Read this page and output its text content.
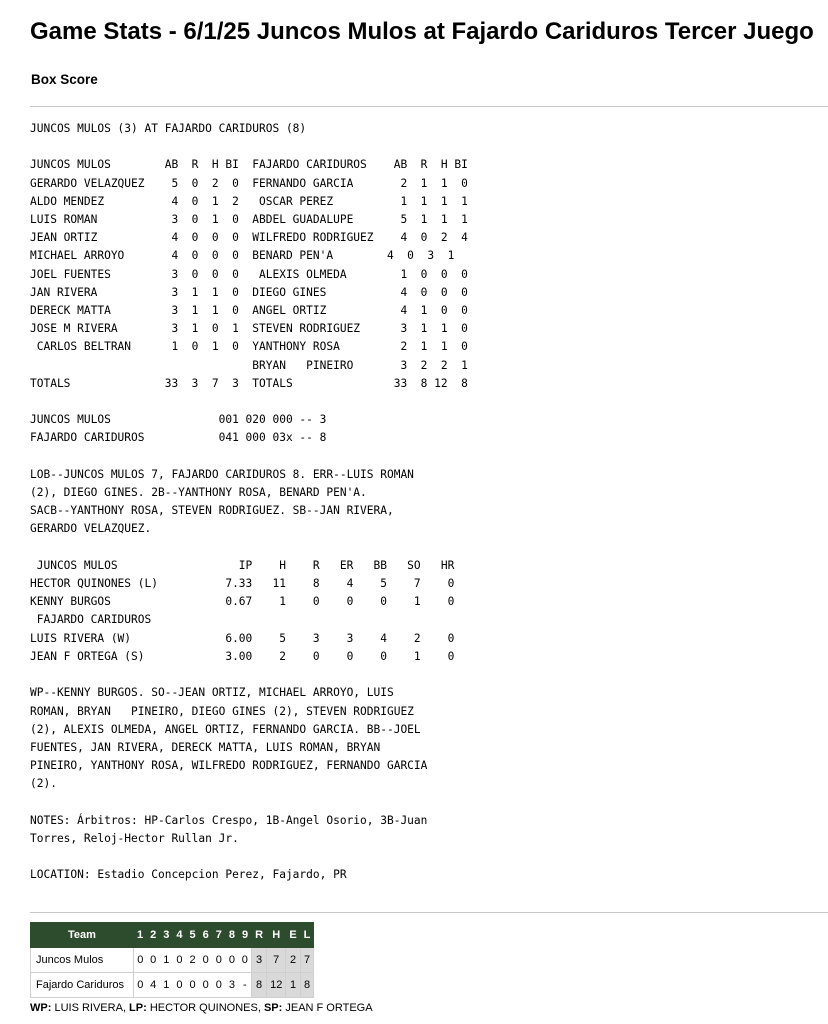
Game Stats - 6/1/25 Juncos Mulos at Fajardo Cariduros Tercer Juego
Box Score
JUNCOS MULOS (3) AT FAJARDO CARIDUROS (8)

JUNCOS MULOS        AB  R  H BI  FAJARDO CARIDUROS    AB  R  H BI
GERARDO VELAZQUEZ    5  0  2  0  FERNANDO GARCIA       2  1  1  0
ALDO MENDEZ          4  0  1  2   OSCAR PEREZ          1  1  1  1
LUIS ROMAN           3  0  1  0  ABDEL GUADALUPE       5  1  1  1
JEAN ORTIZ           4  0  0  0  WILFREDO RODRIGUEZ    4  0  2  4
MICHAEL ARROYO       4  0  0  0  BENARD PEN'A        4  0  3  1
JOEL FUENTES         3  0  0  0   ALEXIS OLMEDA        1  0  0  0
JAN RIVERA           3  1  1  0  DIEGO GINES           4  0  0  0
DERECK MATTA         3  1  1  0  ANGEL ORTIZ           4  1  0  0
JOSE M RIVERA        3  1  0  1  STEVEN RODRIGUEZ      3  1  1  0
CARLOS BELTRAN      1  0  1  0  YANTHONY ROSA         2  1  1  0
BRYAN   PINEIRO       3  2  2  1
TOTALS              33  3  7  3  TOTALS               33  8 12  8

JUNCOS MULOS                001 020 000 -- 3
FAJARDO CARIDUROS           041 000 03x -- 8

LOB--JUNCOS MULOS 7, FAJARDO CARIDUROS 8. ERR--LUIS ROMAN
(2), DIEGO GINES. 2B--YANTHONY ROSA, BENARD PEN'A.
SACB--YANTHONY ROSA, STEVEN RODRIGUEZ. SB--JAN RIVERA,
GERARDO VELAZQUEZ.

JUNCOS MULOS                  IP    H    R   ER   BB   SO   HR
HECTOR QUINONES (L)          7.33   11    8    4    5    7    0
KENNY BURGOS                 0.67    1    0    0    0    1    0
FAJARDO CARIDUROS
LUIS RIVERA (W)              6.00    5    3    3    4    2    0
JEAN F ORTEGA (S)            3.00    2    0    0    0    1    0

WP--KENNY BURGOS. SO--JEAN ORTIZ, MICHAEL ARROYO, LUIS
ROMAN, BRYAN   PINEIRO, DIEGO GINES (2), STEVEN RODRIGUEZ
(2), ALEXIS OLMEDA, ANGEL ORTIZ, FERNANDO GARCIA. BB--JOEL
FUENTES, JAN RIVERA, DERECK MATTA, LUIS ROMAN, BRYAN
PINEIRO, YANTHONY ROSA, WILFREDO RODRIGUEZ, FERNANDO GARCIA
(2).

NOTES: Árbitros: HP-Carlos Crespo, 1B-Angel Osorio, 3B-Juan
Torres, Reloj-Hector Rullan Jr.

LOCATION: Estadio Concepcion Perez, Fajardo, PR
Team	1	2	3	4	5	6	7	8	9	R	H	E	L
Juncos Mulos	0	0	1	0	2	0	0	0	0	3	7	2	7
Fajardo Cariduros	0	4	1	0	0	0	0	3	-	8	12	1	8
WP: LUIS RIVERA, LP: HECTOR QUINONES, SP: JEAN F ORTEGA
